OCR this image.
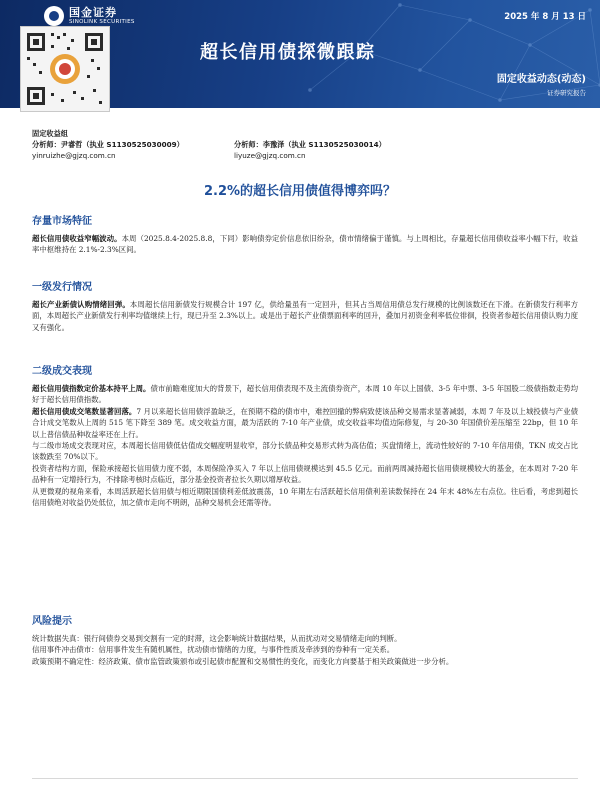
国金证券
SINOLINK SECURITIES	2025 年 8 月 13 日
超长信用债探微跟踪
固定收益动态(动态)
证券研究报告
固定收益组
分析师：尹睿哲（执业 S1130525030009）	分析师：李豫泽（执业 S1130525030014）
yinruizhe@gjzq.com.cn	liyuze@gjzq.com.cn
2.2%的超长信用债值得博弈吗？
存量市场特征

超长信用债收益窄幅波动。本周（2025.8.4-2025.8.8，下同）影响债券定价信息依旧纷杂，债市情绪偏于谨慎。与上周相比，存量超长信用债收益率小幅下行，收益率中枢维持在 2.1%-2.3%区间。

一级发行情况

超长产业新债认购情绪回弹。本周超长信用新债发行规模合计 197 亿，供给量虽有一定回升，但其占当周信用债总发行规模的比例该数还在下滑。在新债发行利率方面，本周超长产业新债发行利率均值继续上行，现已升至 2.3%以上。或是出于超长产业债票面利率的回升，叠加月初资金利率低位徘徊，投资者参超长信用债认购力度又有强化。

二级成交表现

超长信用债指数定价基本持平上周。债市前瞻难度加大的背景下，超长信用债表现不及主流债券资产，本周 10 年以上国债、3-5 年中票、3-5 年国股二级债指数走势均好于超长信用债指数。

超长信用债成交笔数显著回落。7 月以来超长信用债浮盈缺乏，在预期不稳的债市中，难控回撤的弊病致使该品种交易需求显著减弱，本周 7 年及以上城投债与产业债合计成交笔数从上周的 515 笔下降至 389 笔。成交收益方面，最为活跃的 7-10 年产业债，成交收益率均值边际修复，与 20-30 年国债价差压缩至 22bp，但 10 年以上普信债品种收益率还在上行。

与二级市场成交表现对应，本周超长信用债低估值成交幅度明显收窄，部分长债品种交易形式转为高估值；买盘情绪上，流动性较好的 7-10 年信用债，TKN 成交占比该数跌至 70%以下。

投资者结构方面，保险承接超长信用债力度不弱，本周保险净买入 7 年以上信用债规模达到 45.5 亿元。而前两周减持超长信用债规模较大的基金，在本周对 7-20 年品种有一定增持行为，不排除考核时点临近，部分基金投资者拉长久期以增厚收益。

从更微观的视角来看，本周活跃超长信用债与相近期限国债利差低波震荡，10 年期左右活跃超长信用债利差读数保持在 24 年末 48%左右点位。往后看，考虑到超长信用债绝对收益仍处低位，加之债市走向不明朗，品种交易机会还需等待。

风险提示

统计数据失真：银行间债券交易到交割有一定的时滞，这会影响统计数据结果，从而扰动对交易情绪走向的判断。

信用事件冲击债市：信用事件发生有随机属性，扰动债市情绪的力度，与事件性质及牵涉到的券种有一定关系。

政策预期不确定性：经济政策、债市监管政策颁布或引起债市配置和交易惯性的变化，而变化方向要基于相关政策做进一步分析。
